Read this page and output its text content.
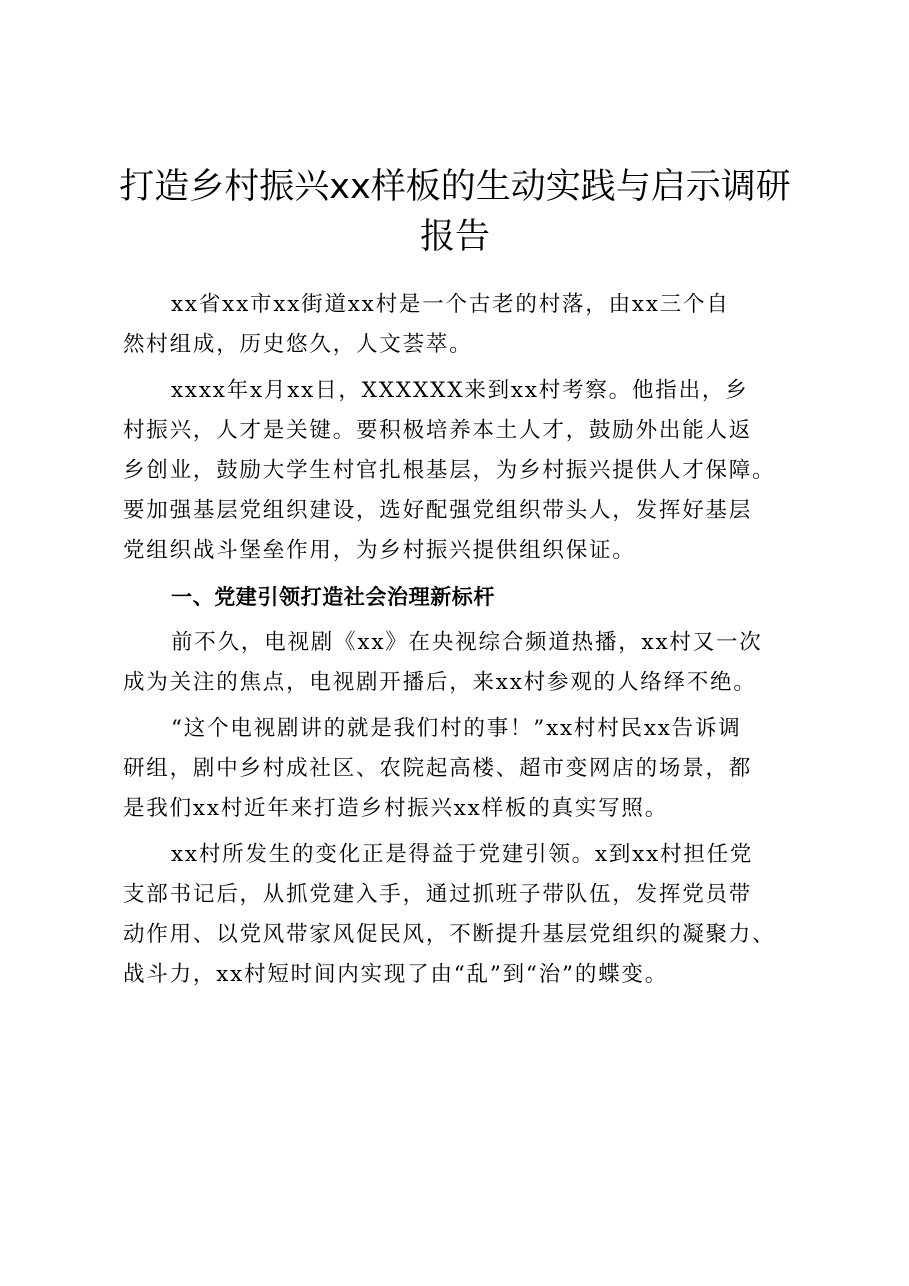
打造乡村振兴xx样板的生动实践与启示调研
报告

xx省xx市xx街道xx村是一个古老的村落，由xx三个自
然村组成，历史悠久，人文荟萃。

xxxx年x月xx日，XXXXXX来到xx村考察。他指出，乡
村振兴，人才是关键。要积极培养本土人才，鼓励外出能人返
乡创业，鼓励大学生村官扎根基层，为乡村振兴提供人才保障。
要加强基层党组织建设，选好配强党组织带头人，发挥好基层
党组织战斗堡垒作用，为乡村振兴提供组织保证。

一、党建引领打造社会治理新标杆

前不久，电视剧《xx》在央视综合频道热播，xx村又一次
成为关注的焦点，电视剧开播后，来xx村参观的人络绎不绝。

“这个电视剧讲的就是我们村的事！”xx村村民xx告诉调
研组，剧中乡村成社区、农院起高楼、超市变网店的场景，都
是我们xx村近年来打造乡村振兴xx样板的真实写照。

xx村所发生的变化正是得益于党建引领。x到xx村担任党
支部书记后，从抓党建入手，通过抓班子带队伍，发挥党员带
动作用、以党风带家风促民风，不断提升基层党组织的凝聚力、
战斗力，xx村短时间内实现了由“乱”到“治”的蝶变。
